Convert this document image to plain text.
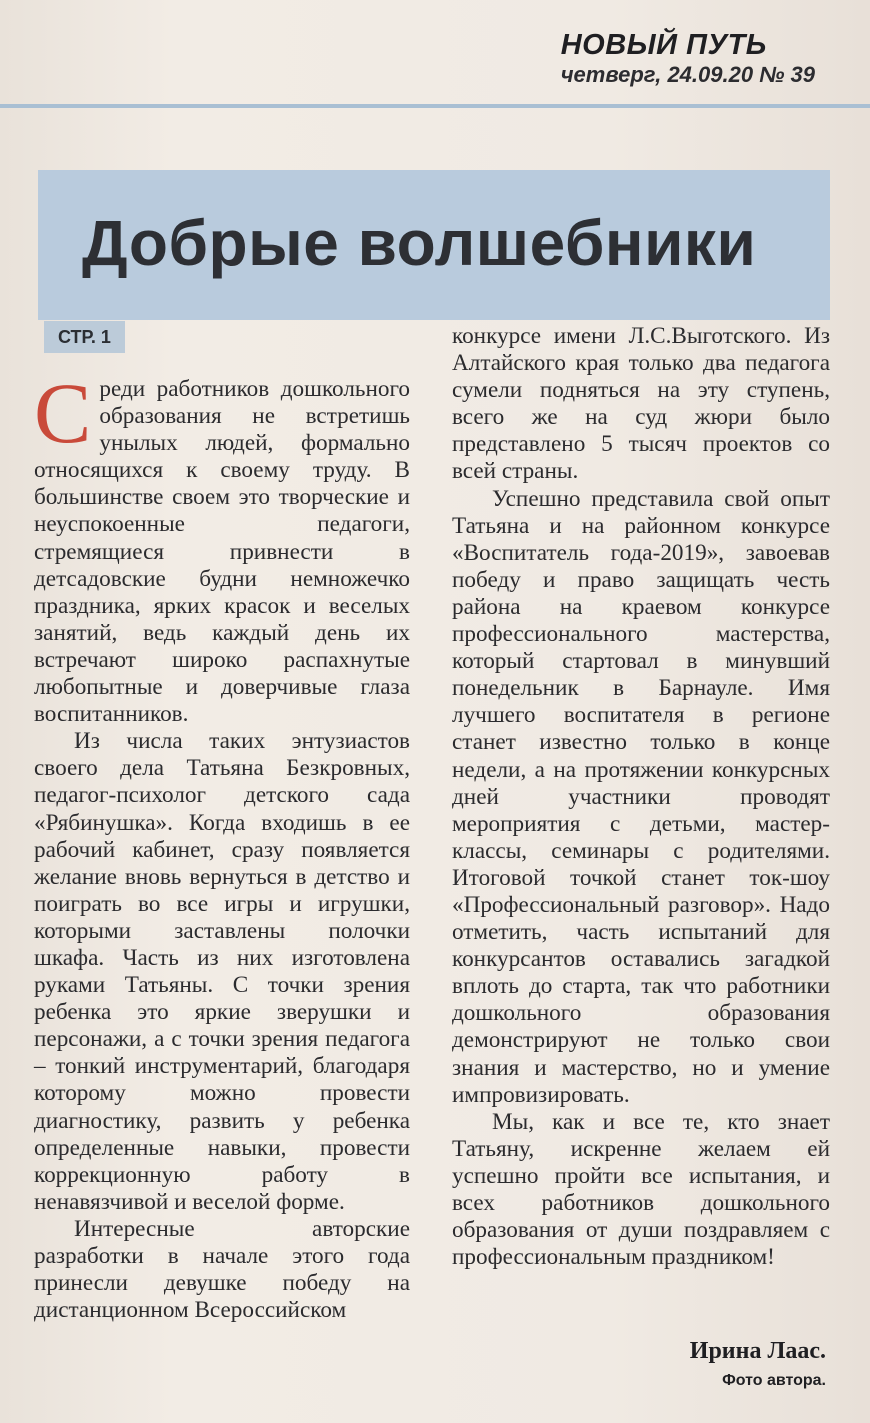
НОВЫЙ ПУТЬ
четверг, 24.09.20 № 39
Добрые волшебники
СТР. 1

Среди работников дошкольного образования не встретишь унылых людей, формально относящихся к своему труду. В большинстве своем это творческие и неуспокоенные педагоги, стремящиеся привнести в детсадовские будни немножечко праздника, ярких красок и веселых занятий, ведь каждый день их встречают широко распахнутые любопытные и доверчивые глаза воспитанников.

Из числа таких энтузиастов своего дела Татьяна Безкровных, педагог-психолог детского сада «Рябинушка». Когда входишь в ее рабочий кабинет, сразу появляется желание вновь вернуться в детство и поиграть во все игры и игрушки, которыми заставлены полочки шкафа. Часть из них изготовлена руками Татьяны. С точки зрения ребенка это яркие зверушки и персонажи, а с точки зрения педагога – тонкий инструментарий, благодаря которому можно провести диагностику, развить у ребенка определенные навыки, провести коррекционную работу в ненавязчивой и веселой форме.

Интересные авторские разработки в начале этого года принесли девушке победу на дистанционном Всероссийском

конкурсе имени Л.С.Выготского. Из Алтайского края только два педагога сумели подняться на эту ступень, всего же на суд жюри было представлено 5 тысяч проектов со всей страны.

Успешно представила свой опыт Татьяна и на районном конкурсе «Воспитатель года-2019», завоевав победу и право защищать честь района на краевом конкурсе профессионального мастерства, который стартовал в минувший понедельник в Барнауле. Имя лучшего воспитателя в регионе станет известно только в конце недели, а на протяжении конкурсных дней участники проводят мероприятия с детьми, мастер-классы, семинары с родителями. Итоговой точкой станет ток-шоу «Профессиональный разговор». Надо отметить, часть испытаний для конкурсантов оставались загадкой вплоть до старта, так что работники дошкольного образования демонстрируют не только свои знания и мастерство, но и умение импровизировать.

Мы, как и все те, кто знает Татьяну, искренне желаем ей успешно пройти все испытания, и всех работников дошкольного образования от души поздравляем с профессиональным праздником!

Ирина Лаас.
Фото автора.
